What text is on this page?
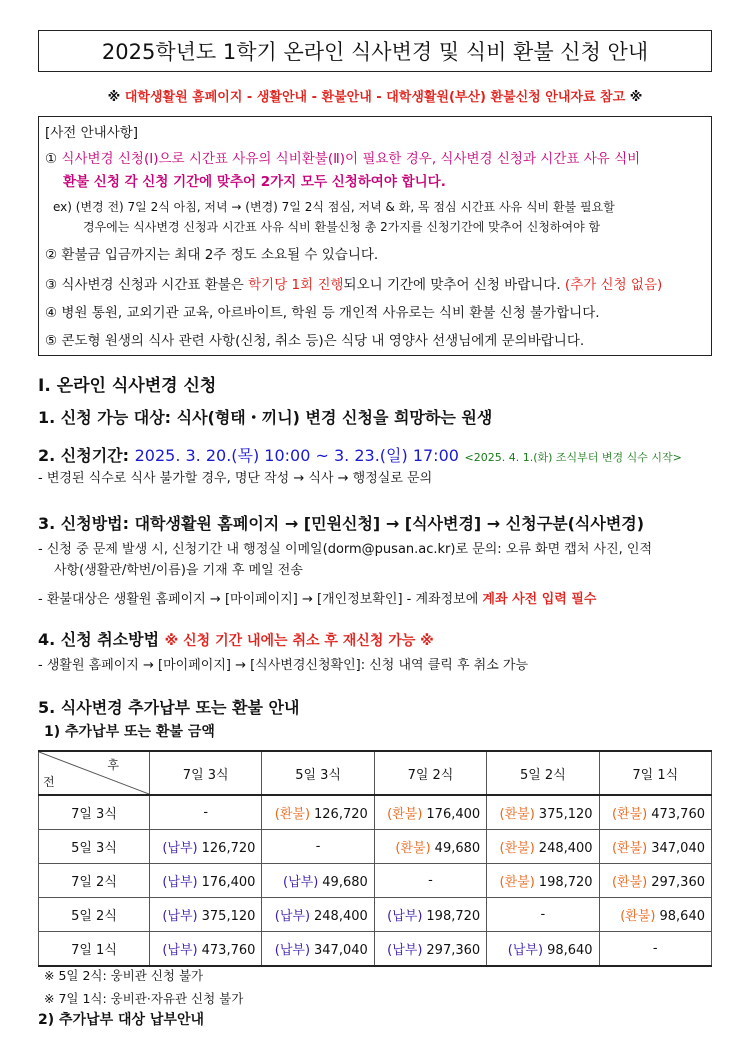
2025학년도 1학기 온라인 식사변경 및 식비 환불 신청 안내
※ 대학생활원 홈페이지 - 생활안내 - 환불안내 - 대학생활원(부산) 환불신청 안내자료 참고 ※
[사전 안내사항]
① 식사변경 신청(Ⅰ)으로 시간표 사유의 식비환불(Ⅱ)이 필요한 경우, 식사변경 신청과 시간표 사유 식비
환불 신청 각 신청 기간에 맞추어 2가지 모두 신청하여야 합니다.
ex) (변경 전) 7일 2식 아침, 저녁 → (변경) 7일 2식 점심, 저녁 & 화, 목 점심 시간표 사유 식비 환불 필요할
경우에는 식사변경 신청과 시간표 사유 식비 환불신청 총 2가지를 신청기간에 맞추어 신청하여야 함
② 환불금 입금까지는 최대 2주 정도 소요될 수 있습니다.
③ 식사변경 신청과 시간표 환불은 학기당 1회 진행되오니 기간에 맞추어 신청 바랍니다. (추가 신청 없음)
④ 병원 통원, 교외기관 교육, 아르바이트, 학원 등 개인적 사유로는 식비 환불 신청 불가합니다.
⑤ 콘도형 원생의 식사 관련 사항(신청, 취소 등)은 식당 내 영양사 선생님에게 문의바랍니다.
Ⅰ. 온라인 식사변경 신청
1. 신청 가능 대상: 식사(형태・끼니) 변경 신청을 희망하는 원생
2. 신청기간: 2025. 3. 20.(목) 10:00 ~ 3. 23.(일) 17:00 <2025. 4. 1.(화) 조식부터 변경 식수 시작>
- 변경된 식수로 식사 불가할 경우, 명단 작성 → 식사 → 행정실로 문의
3. 신청방법: 대학생활원 홈페이지 → [민원신청] → [식사변경] → 신청구분(식사변경)
- 신청 중 문제 발생 시, 신청기간 내 행정실 이메일(dorm@pusan.ac.kr)로 문의: 오류 화면 캡처 사진, 인적
사항(생활관/학번/이름)을 기재 후 메일 전송
- 환불대상은 생활원 홈페이지 → [마이페이지] → [개인정보확인] - 계좌정보에 계좌 사전 입력 필수
4. 신청 취소방법 ※ 신청 기간 내에는 취소 후 재신청 가능 ※
- 생활원 홈페이지 → [마이페이지] → [식사변경신청확인]: 신청 내역 클릭 후 취소 가능
5. 식사변경 추가납부 또는 환불 안내
1) 추가납부 또는 환불 금액
후
전	7일 3식	5일 3식	7일 2식	5일 2식	7일 1식
7일 3식	-	(환불) 126,720	(환불) 176,400	(환불) 375,120	(환불) 473,760
5일 3식	(납부) 126,720	-	(환불) 49,680	(환불) 248,400	(환불) 347,040
7일 2식	(납부) 176,400	(납부) 49,680	-	(환불) 198,720	(환불) 297,360
5일 2식	(납부) 375,120	(납부) 248,400	(납부) 198,720	-	(환불) 98,640
7일 1식	(납부) 473,760	(납부) 347,040	(납부) 297,360	(납부) 98,640	-
※ 5일 2식: 웅비관 신청 불가
※ 7일 1식: 웅비관·자유관 신청 불가
2) 추가납부 대상 납부안내
